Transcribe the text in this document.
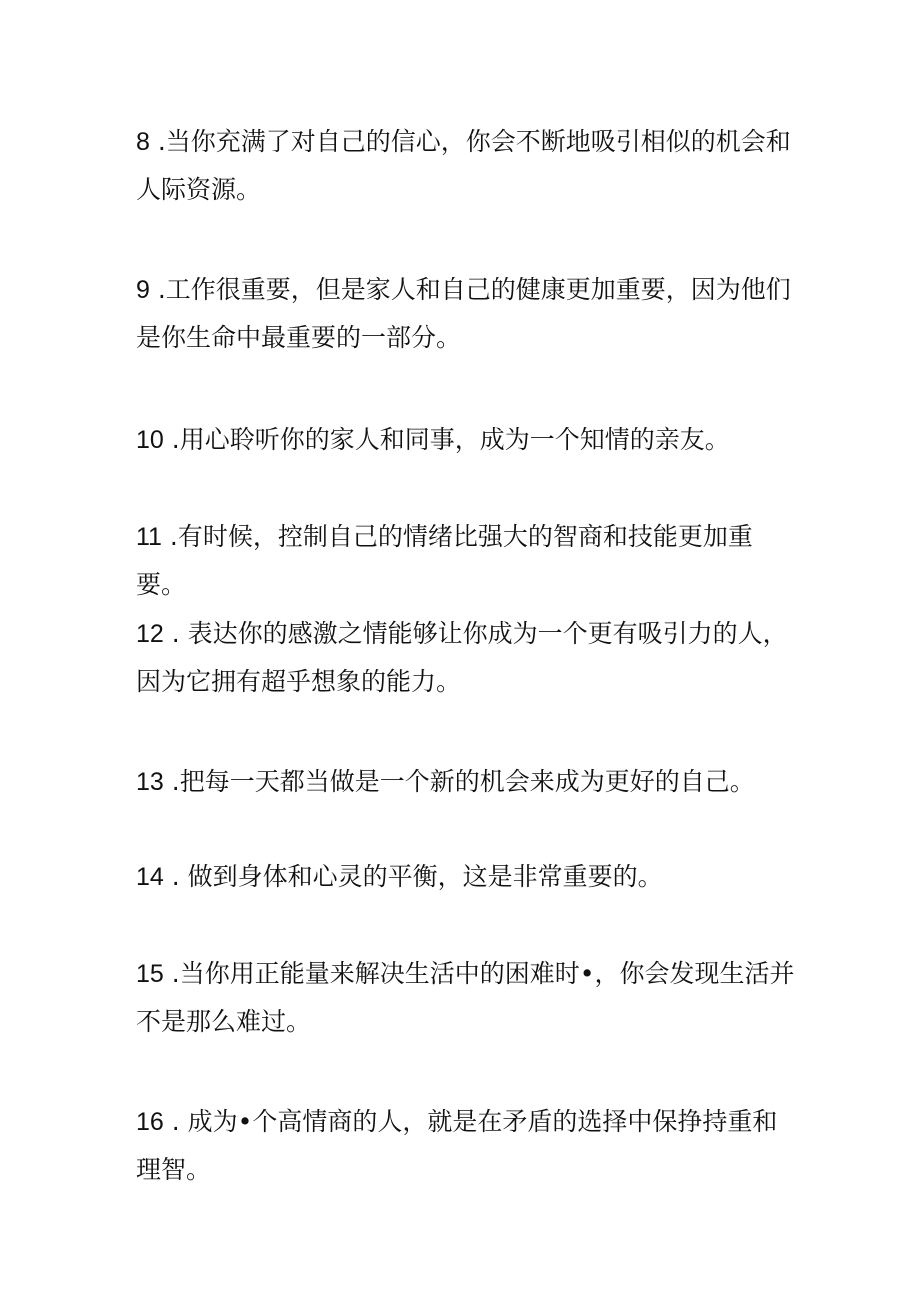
8 .当你充满了对自己的信心，你会不断地吸引相似的机会和人际资源。

9 .工作很重要，但是家人和自己的健康更加重要，因为他们是你生命中最重要的一部分。

10 .用心聆听你的家人和同事，成为一个知情的亲友。

11 .有时候，控制自己的情绪比强大的智商和技能更加重要。

12 . 表达你的感激之情能够让你成为一个更有吸引力的人，因为它拥有超乎想象的能力。

13 .把每一天都当做是一个新的机会来成为更好的自己。

14 . 做到身体和心灵的平衡，这是非常重要的。

15 .当你用正能量来解决生活中的困难时•，你会发现生活并不是那么难过。

16 . 成为•个高情商的人，就是在矛盾的选择中保挣持重和理智。
